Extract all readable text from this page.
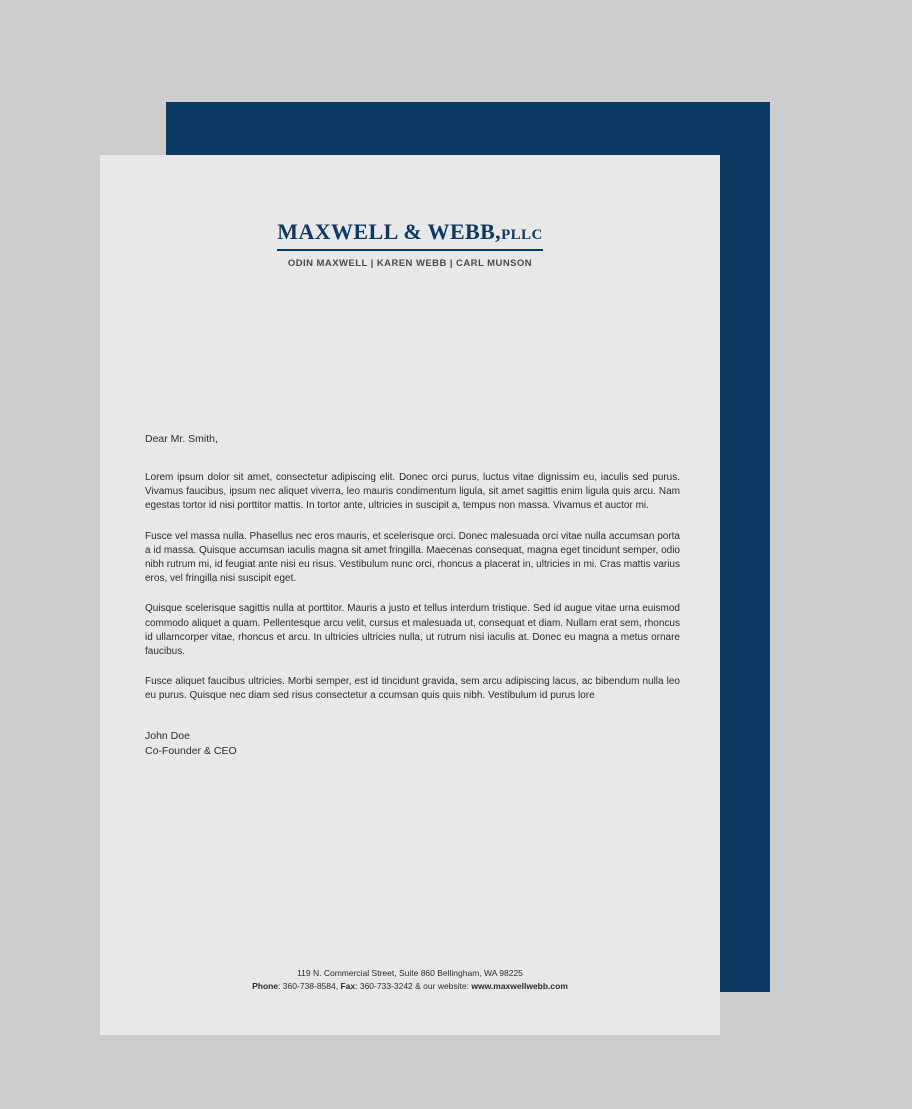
MAXWELL & WEBB,PLLC
ODIN MAXWELL | KAREN WEBB | CARL MUNSON

Dear Mr. Smith,

Lorem ipsum dolor sit amet, consectetur adipiscing elit. Donec orci purus, luctus vitae dignissim eu, iaculis sed purus. Vivamus faucibus, ipsum nec aliquet viverra, leo mauris condimentum ligula, sit amet sagittis enim ligula quis arcu. Nam egestas tortor id nisi porttitor mattis. In tortor ante, ultricies in suscipit a, tempus non massa. Vivamus et auctor mi.

Fusce vel massa nulla. Phasellus nec eros mauris, et scelerisque orci. Donec malesuada orci vitae nulla accumsan porta a id massa. Quisque accumsan iaculis magna sit amet fringilla. Maecenas consequat, magna eget tincidunt semper, odio nibh rutrum mi, id feugiat ante nisi eu risus. Vestibulum nunc orci, rhoncus a placerat in, ultricies in mi. Cras mattis varius eros, vel fringilla nisi suscipit eget.

Quisque scelerisque sagittis nulla at porttitor. Mauris a justo et tellus interdum tristique. Sed id augue vitae urna euismod commodo aliquet a quam. Pellentesque arcu velit, cursus et malesuada ut, consequat et diam. Nullam erat sem, rhoncus id ullamcorper vitae, rhoncus et arcu. In ultricies ultricies nulla, ut rutrum nisi iaculis at. Donec eu magna a metus ornare faucibus.

Fusce aliquet faucibus ultricies. Morbi semper, est id tincidunt gravida, sem arcu adipiscing lacus, ac bibendum nulla leo eu purus. Quisque nec diam sed risus consectetur a ccumsan quis quis nibh. Vestibulum id purus lore

John Doe

Co-Founder & CEO

119 N. Commercial Street, Suite 860 Bellingham, WA 98225
Phone: 360-738-8584, Fax: 360-733-3242 & our website: www.maxwellwebb.com
